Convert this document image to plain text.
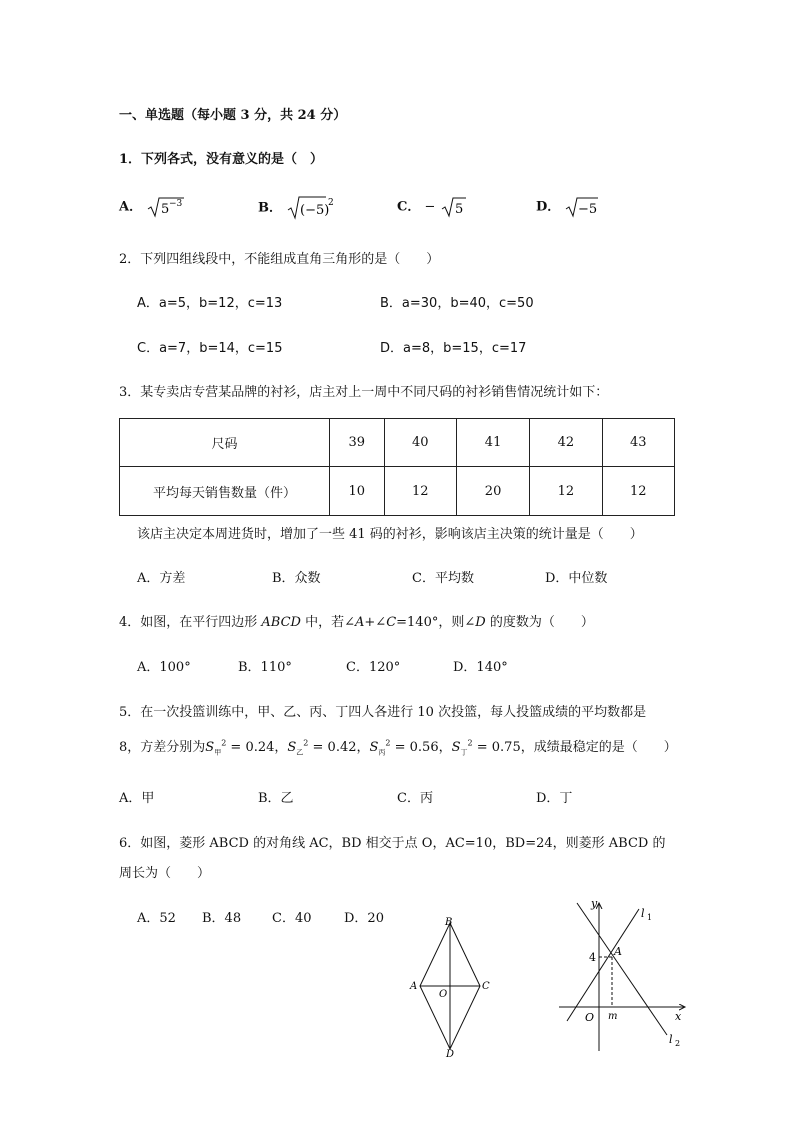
一、单选题（每小题 3 分，共 24 分）
1．下列各式，没有意义的是（　）
A． 5 −3	B． (−5)
2	C． − 5	D． −5
2．下列四组线段中，不能组成直角三角形的是（　　）
A．a=5，b=12，c=13	B．a=30，b=40，c=50
C．a=7，b=14，c=15	D．a=8，b=15，c=17
3．某专卖店专营某品牌的衬衫，店主对上一周中不同尺码的衬衫销售情况统计如下：
尺码	39	40	41	42	43
平均每天销售数量（件）	10	12	20	12	12
该店主决定本周进货时，增加了一些 41 码的衬衫，影响该店主决策的统计量是（　　）
A．方差	B．众数	C．平均数	D．中位数
4．如图，在平行四边形 ABCD 中，若∠A+∠C=140°，则∠D 的度数为（　　）
A．100°	B．110°	C．120°	D．140°
5．在一次投篮训练中，甲、乙、丙、丁四人各进行 10 次投篮，每人投篮成绩的平均数都是
8，方差分别为$S_甲^2 = 0.24$，$S_乙^2 = 0.42$，$S_丙^2 = 0.56$，$S_丁^2 = 0.75$，成绩最稳定的是（　　）
A．甲	B．乙	C．丙	D．丁
6．如图，菱形 ABCD 的对角线 AC，BD 相交于点 O，AC=10，BD=24，则菱形 ABCD 的
周长为（　　）
A．52 B．48 C．40	D．20	B
A
O
C
D
y
l 1
4 A
x
O m
l 2
